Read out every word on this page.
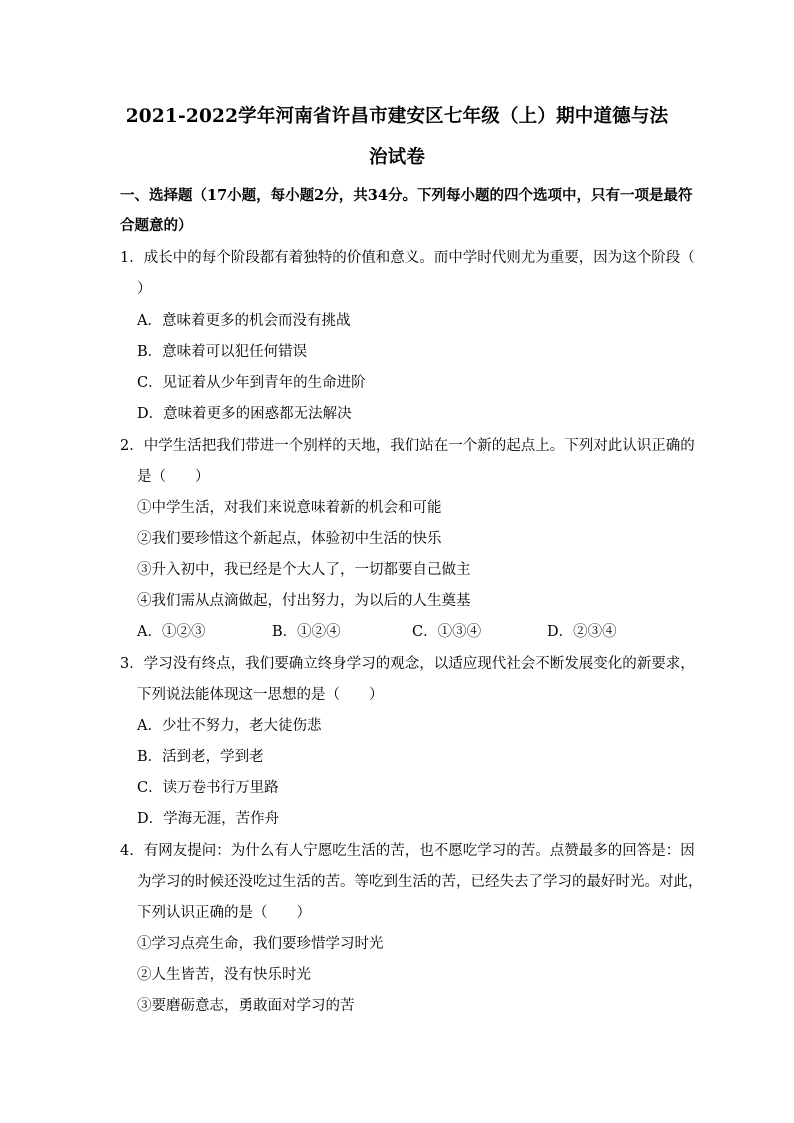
2021-2022学年河南省许昌市建安区七年级（上）期中道德与法
治试卷
一、选择题（17小题，每小题2分，共34分。下列每小题的四个选项中，只有一项是最符
合题意的）
1．成长中的每个阶段都有着独特的价值和意义。而中学时代则尤为重要，因为这个阶段（
）
A．意味着更多的机会而没有挑战
B．意味着可以犯任何错误
C．见证着从少年到青年的生命进阶
D．意味着更多的困惑都无法解决
2．中学生活把我们带进一个别样的天地，我们站在一个新的起点上。下列对此认识正确的
是（　　）
①中学生活，对我们来说意味着新的机会和可能
②我们要珍惜这个新起点，体验初中生活的快乐
③升入初中，我已经是个大人了，一切都要自己做主
④我们需从点滴做起，付出努力，为以后的人生奠基
A．①②③	B．①②④	C．①③④	D．②③④
3．学习没有终点，我们要确立终身学习的观念，以适应现代社会不断发展变化的新要求，
下列说法能体现这一思想的是（　　）
A．少壮不努力，老大徒伤悲
B．活到老，学到老
C．读万卷书行万里路
D．学海无涯，苦作舟
4．有网友提问：为什么有人宁愿吃生活的苦，也不愿吃学习的苦。点赞最多的回答是：因
为学习的时候还没吃过生活的苦。等吃到生活的苦，已经失去了学习的最好时光。对此，
下列认识正确的是（　　）
①学习点亮生命，我们要珍惜学习时光
②人生皆苦，没有快乐时光
③要磨砺意志，勇敢面对学习的苦
